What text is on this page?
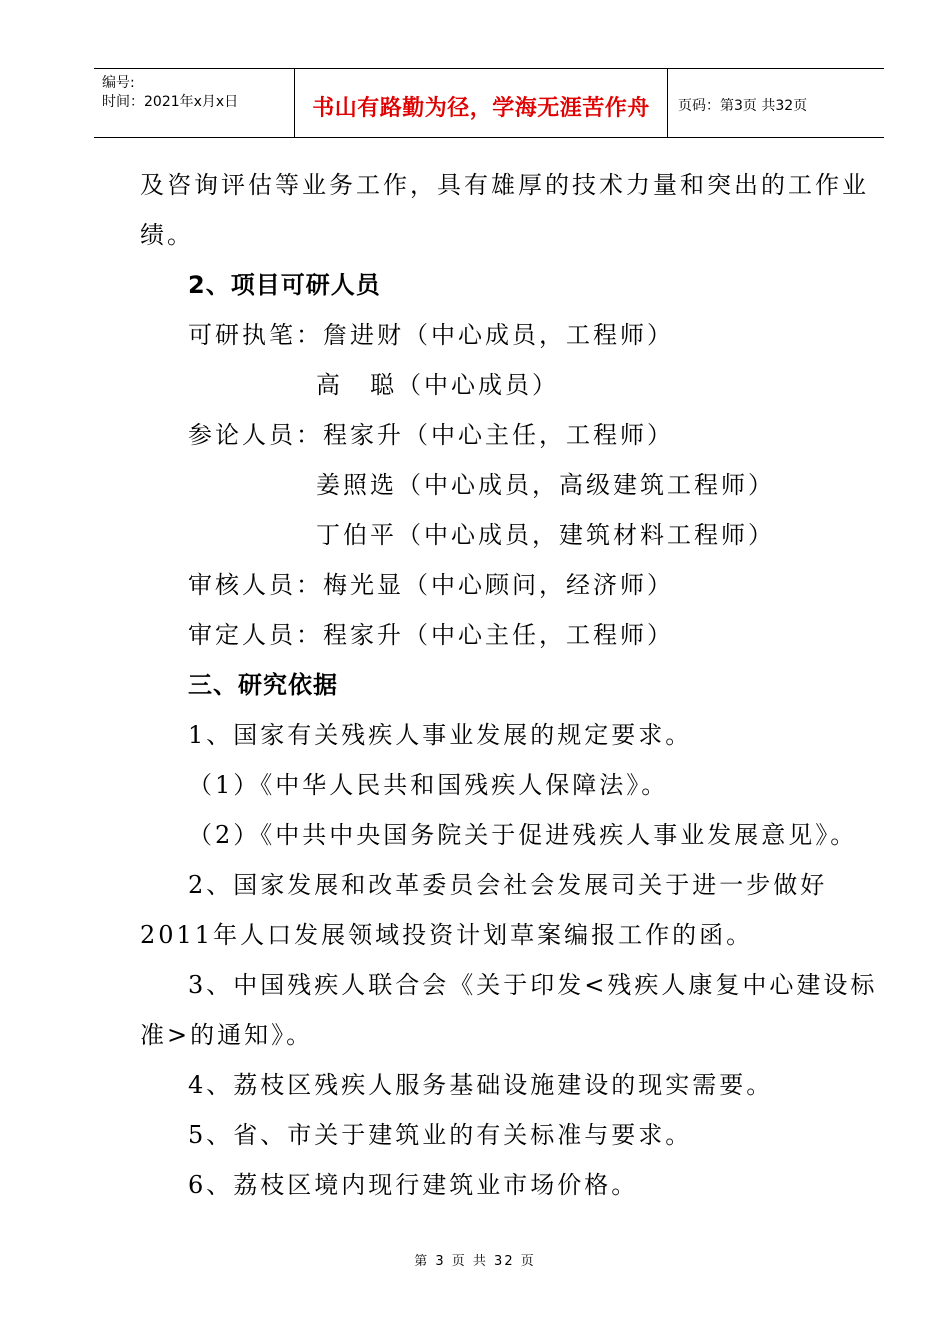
编号:
时间：2021年x月x日	书山有路勤为径，学海无涯苦作舟	页码：第3页 共32页
及咨询评估等业务工作，具有雄厚的技术力量和突出的工作业
绩。
2、项目可研人员
可研执笔：詹进财（中心成员，工程师）
高　聪（中心成员）
参论人员：程家升（中心主任，工程师）
姜照选（中心成员，高级建筑工程师）
丁伯平（中心成员，建筑材料工程师）
审核人员：梅光显（中心顾问，经济师）
审定人员：程家升（中心主任，工程师）
三、研究依据
1、国家有关残疾人事业发展的规定要求。
（1）《中华人民共和国残疾人保障法》。
（2）《中共中央国务院关于促进残疾人事业发展意见》。
2、国家发展和改革委员会社会发展司关于进一步做好
2011年人口发展领域投资计划草案编报工作的函。
3、中国残疾人联合会《关于印发<残疾人康复中心建设标
准>的通知》。
4、荔枝区残疾人服务基础设施建设的现实需要。
5、省、市关于建筑业的有关标准与要求。
6、荔枝区境内现行建筑业市场价格。
第 3 页 共 32 页
